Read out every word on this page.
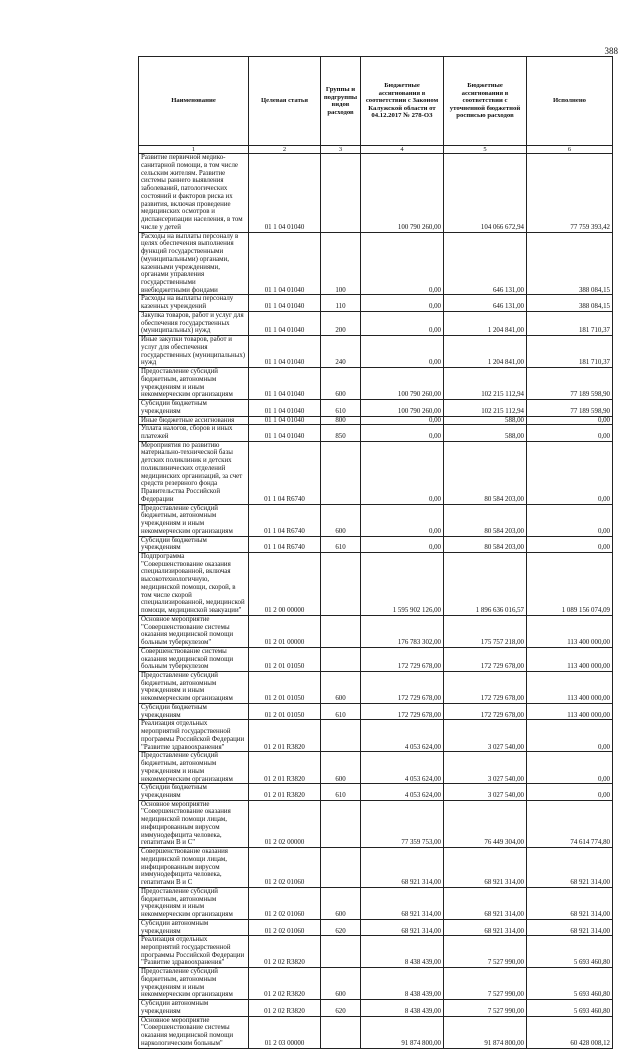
388
Наименование	Целевая статья	Группы и подгруппы видов расходов	Бюджетные ассигнования в соответствии с Законом Калужской области от 04.12.2017 № 278-ОЗ	Бюджетные ассигнования в соответствии с уточненной бюджетной росписью расходов	Исполнено
1	2	3	4	5	6
Развитие первичной медико-санитарной помощи, в том числе сельским жителям. Развитие системы раннего выявления заболеваний, патологических состояний и факторов риска их развития, включая проведение медицинских осмотров и диспансеризации населения, в том числе у детей	01 1 04 01040		100 790 260,00	104 066 672,94	77 759 393,42
Расходы на выплаты персоналу в целях обеспечения выполнения функций государственными (муниципальными) органами, казенными учреждениями, органами управления государственными внебюджетными фондами	01 1 04 01040	100	0,00	646 131,00	388 084,15
Расходы на выплаты персоналу казенных учреждений	01 1 04 01040	110	0,00	646 131,00	388 084,15
Закупка товаров, работ и услуг для обеспечения государственных (муниципальных) нужд	01 1 04 01040	200	0,00	1 204 841,00	181 710,37
Иные закупки товаров, работ и услуг для обеспечения государственных (муниципальных) нужд	01 1 04 01040	240	0,00	1 204 841,00	181 710,37
Предоставление субсидий бюджетным, автономным учреждениям и иным некоммерческим организациям	01 1 04 01040	600	100 790 260,00	102 215 112,94	77 189 598,90
Субсидии бюджетным учреждениям	01 1 04 01040	610	100 790 260,00	102 215 112,94	77 189 598,90
Иные бюджетные ассигнования	01 1 04 01040	800	0,00	588,00	0,00
Уплата налогов, сборов и иных платежей	01 1 04 01040	850	0,00	588,00	0,00
Мероприятия по развитию материально-технической базы детских поликлиник и детских поликлинических отделений медицинских организаций, за счет средств резервного фонда Правительства Российской Федерации	01 1 04 R6740		0,00	80 584 203,00	0,00
Предоставление субсидий бюджетным, автономным учреждениям и иным некоммерческим организациям	01 1 04 R6740	600	0,00	80 584 203,00	0,00
Субсидии бюджетным учреждениям	01 1 04 R6740	610	0,00	80 584 203,00	0,00
Подпрограмма "Совершенствование оказания специализированной, включая высокотехнологичную, медицинской помощи, скорой, в том числе скорой специализированной, медицинской помощи, медицинской эвакуации"	01 2 00 00000		1 595 902 126,00	1 896 636 016,57	1 089 156 074,09
Основное мероприятие "Совершенствование системы оказания медицинской помощи больным туберкулезом"	01 2 01 00000		176 783 302,00	175 757 218,00	113 400 000,00
Совершенствование системы оказания медицинской помощи больным туберкулезом	01 2 01 01050		172 729 678,00	172 729 678,00	113 400 000,00
Предоставление субсидий бюджетным, автономным учреждениям и иным некоммерческим организациям	01 2 01 01050	600	172 729 678,00	172 729 678,00	113 400 000,00
Субсидии бюджетным учреждениям	01 2 01 01050	610	172 729 678,00	172 729 678,00	113 400 000,00
Реализация отдельных мероприятий государственной программы Российской Федерации "Развитие здравоохранения"	01 2 01 R3820		4 053 624,00	3 027 540,00	0,00
Предоставление субсидий бюджетным, автономным учреждениям и иным некоммерческим организациям	01 2 01 R3820	600	4 053 624,00	3 027 540,00	0,00
Субсидии бюджетным учреждениям	01 2 01 R3820	610	4 053 624,00	3 027 540,00	0,00
Основное мероприятие "Совершенствование оказания медицинской помощи лицам, инфицированным вирусом иммунодефицита человека, гепатитами В и С"	01 2 02 00000		77 359 753,00	76 449 304,00	74 614 774,80
Совершенствование оказания медицинской помощи лицам, инфицированным вирусом иммунодефицита человека, гепатитами В и С	01 2 02 01060		68 921 314,00	68 921 314,00	68 921 314,00
Предоставление субсидий бюджетным, автономным учреждениям и иным некоммерческим организациям	01 2 02 01060	600	68 921 314,00	68 921 314,00	68 921 314,00
Субсидии автономным учреждениям	01 2 02 01060	620	68 921 314,00	68 921 314,00	68 921 314,00
Реализация отдельных мероприятий государственной программы Российской Федерации "Развитие здравоохранения"	01 2 02 R3820		8 438 439,00	7 527 990,00	5 693 460,80
Предоставление субсидий бюджетным, автономным учреждениям и иным некоммерческим организациям	01 2 02 R3820	600	8 438 439,00	7 527 990,00	5 693 460,80
Субсидии автономным учреждениям	01 2 02 R3820	620	8 438 439,00	7 527 990,00	5 693 460,80
Основное мероприятие "Совершенствование системы оказания медицинской помощи наркологическим больным"	01 2 03 00000		91 874 800,00	91 874 800,00	60 428 008,12
